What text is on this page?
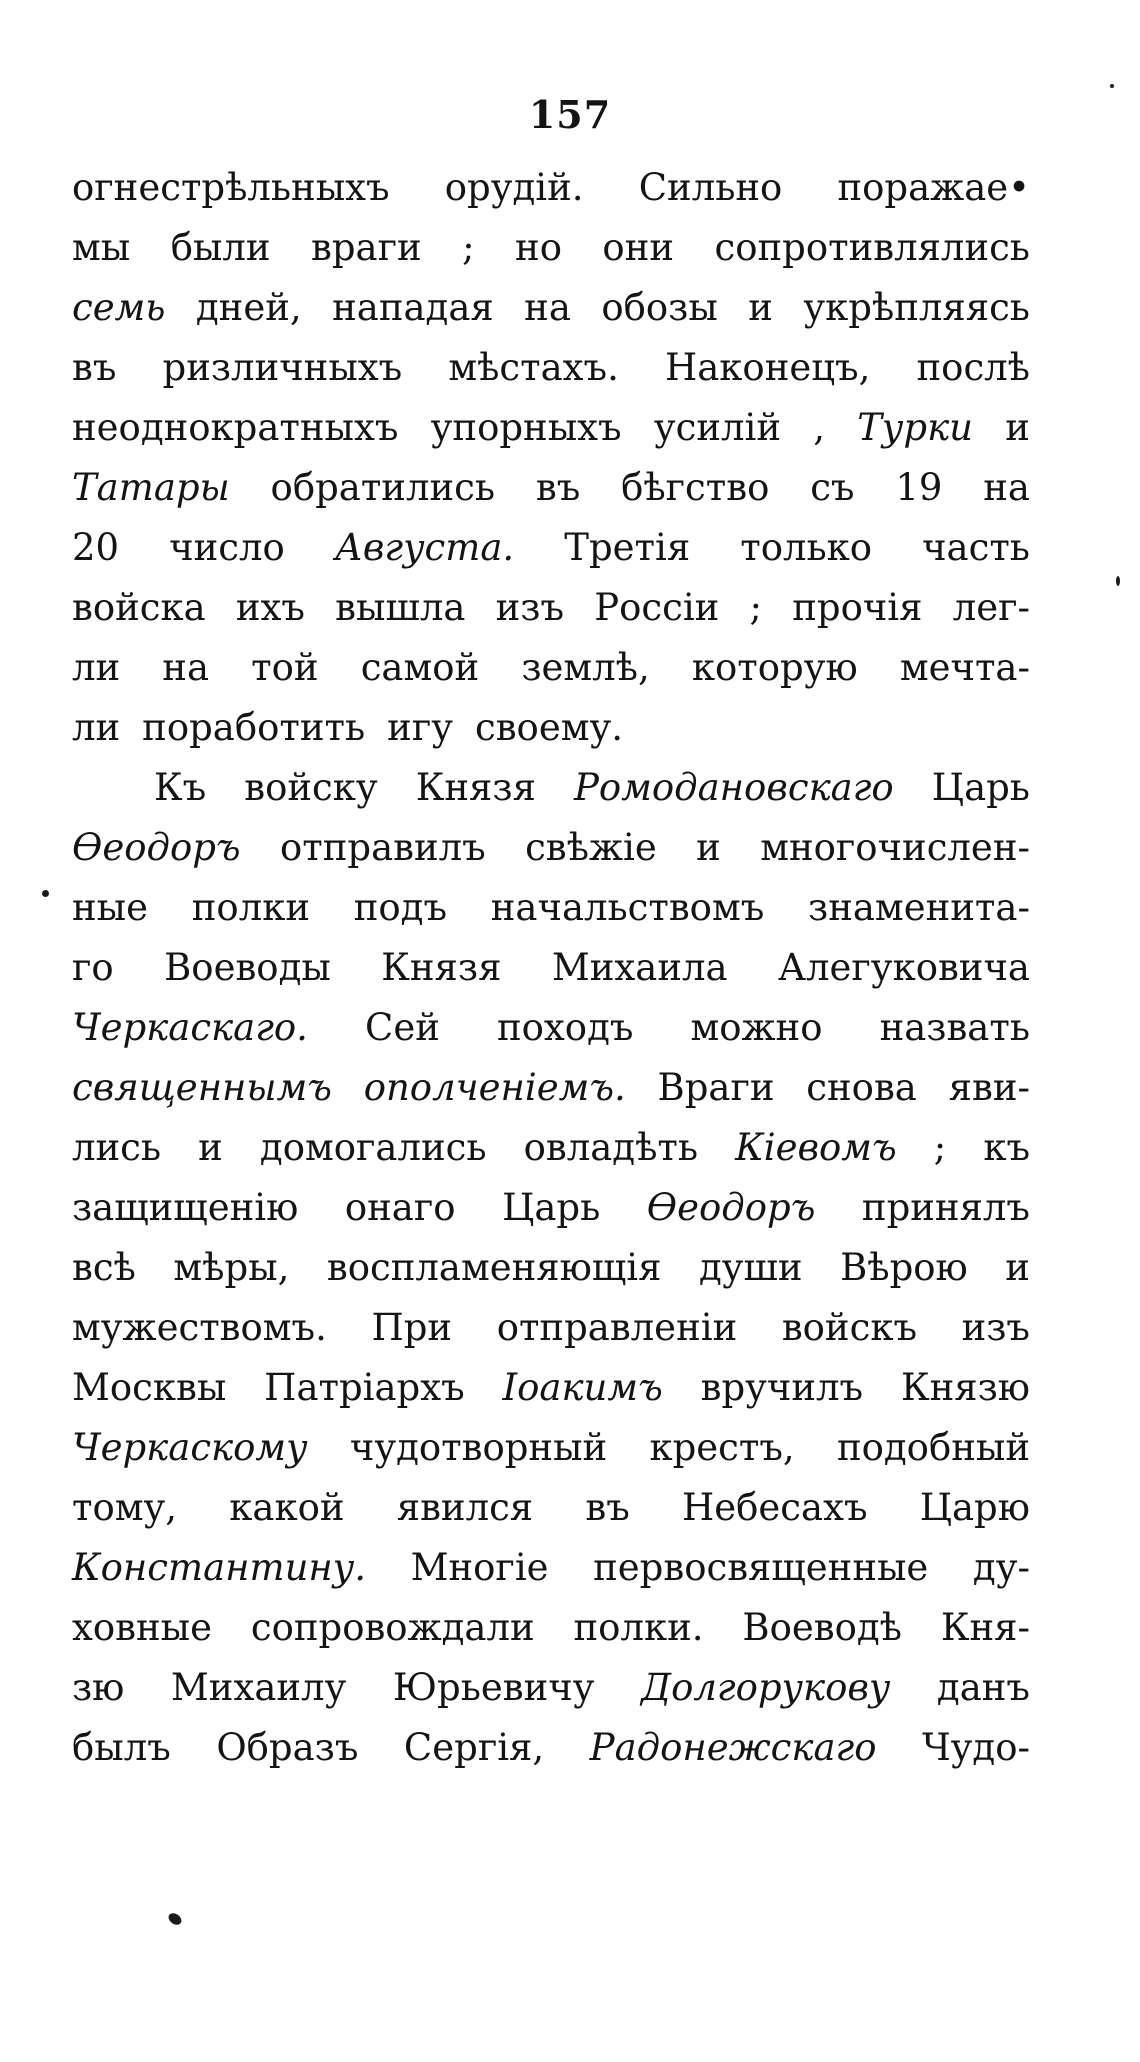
157
огнестрѣльныхъ орудій. Сильно поражае•
мы были враги ; но они сопротивлялись
семь дней, нападая на обозы и укрѣпляясь
въ ризличныхъ мѣстахъ. Наконецъ, послѣ
неоднократныхъ упорныхъ усилій , Турки и
Татары обратились въ бѣгство съ 19 на
20 число Августа. Третія только часть
войска ихъ вышла изъ Россіи ; прочія лег-
ли на той самой землѣ, которую мечта-
ли поработить игу своему.
Къ войску Князя Ромодановскаго Царь
Ѳеодоръ отправилъ свѣжіе и многочислен-
ные полки подъ начальствомъ знаменита-
го Воеводы Князя Михаила Алегуковича
Черкаскаго. Сей походъ можно назвать
священнымъ ополченіемъ. Враги снова яви-
лись и домогались овладѣть Кіевомъ ; къ
защищенію онаго Царь Ѳеодоръ принялъ
всѣ мѣры, воспламеняющія души Вѣрою и
мужествомъ. При отправленіи войскъ изъ
Москвы Патріархъ Іоакимъ вручилъ Князю
Черкаскому чудотворный крестъ, подобный
тому, какой явился въ Небесахъ Царю
Константину. Многіе первосвященные ду-
ховные сопровождали полки. Воеводѣ Кня-
зю Михаилу Юрьевичу Долгорукову данъ
былъ Образъ Сергія, Радонежскаго Чудо-
